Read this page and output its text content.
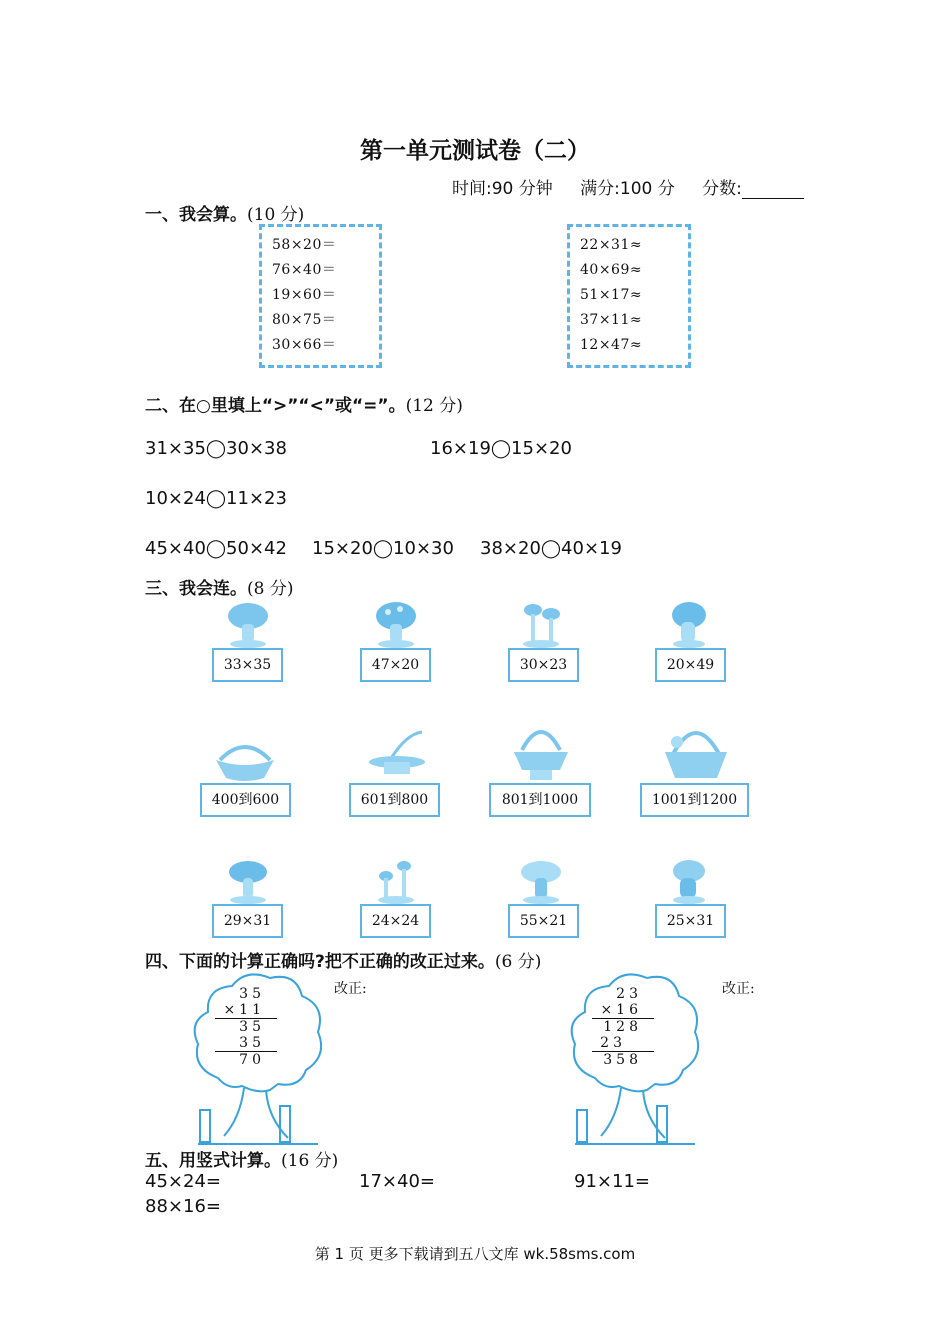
第一单元测试卷（二）
时间:90 分钟 满分:100 分 分数:
一、我会算。(10 分)
58×20＝
76×40＝
19×60＝
80×75＝
30×66＝
22×31≈
40×69≈
51×17≈
37×11≈
12×47≈
二、在○里填上“>”“<”或“=”。(12 分)
31×35◯30×38	16×19◯15×20
10×24◯11×23
45×40◯50×42 15×20◯10×30 38×20◯40×19
三、我会连。(8 分)
33×35	47×20	30×23	20×49
400到600	601到800	801到1000	1001到1200
29×31	24×24	55×21	25×31
四、下面的计算正确吗?把不正确的改正过来。(6 分)
35
×11
35
35
70
改正:	23
×16
128
23
358
改正:
五、用竖式计算。(16 分)
45×24=	17×40=	91×11=
88×16=
第 1 页 更多下载请到五八文库 wk.58sms.com
